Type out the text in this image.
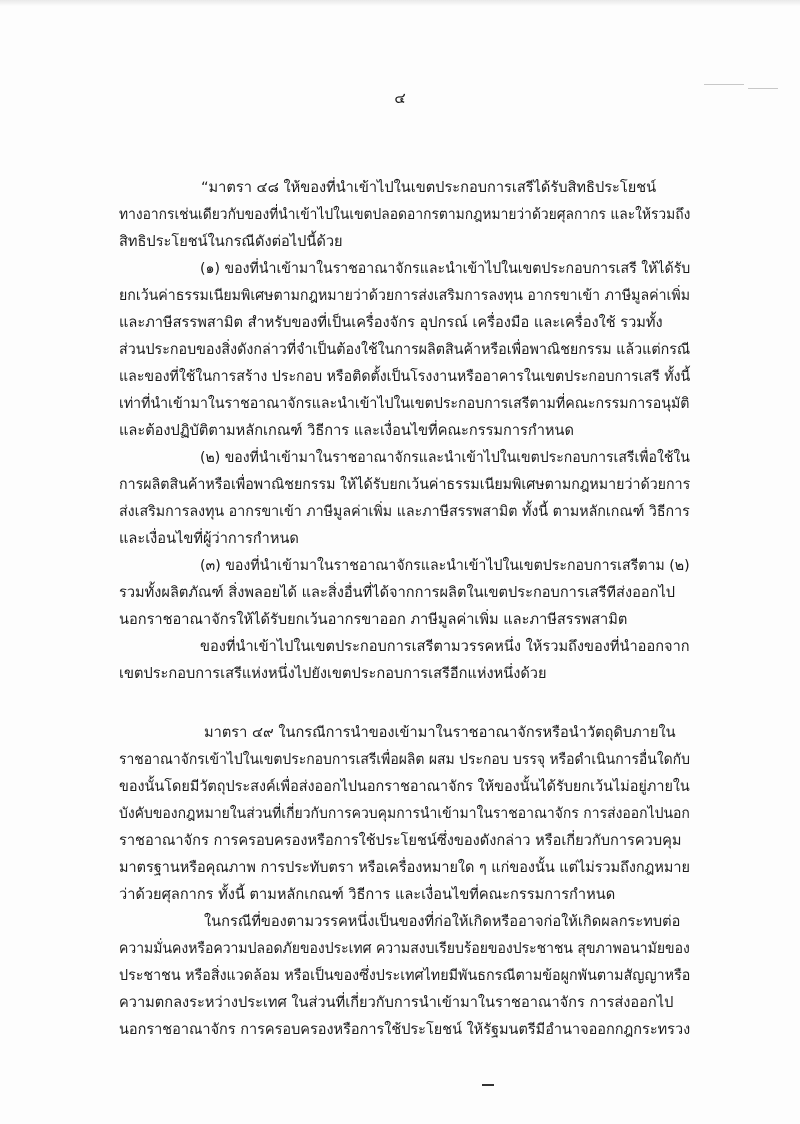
๔
“มาตรา ๔๘ ให้ของที่นำเข้าไปในเขตประกอบการเสรีได้รับสิทธิประโยชน์
ทางอากรเช่นเดียวกับของที่นำเข้าไปในเขตปลอดอากรตามกฎหมายว่าด้วยศุลกากร และให้รวมถึง
สิทธิประโยชน์ในกรณีดังต่อไปนี้ด้วย
(๑) ของที่นำเข้ามาในราชอาณาจักรและนำเข้าไปในเขตประกอบการเสรี ให้ได้รับ
ยกเว้นค่าธรรมเนียมพิเศษตามกฎหมายว่าด้วยการส่งเสริมการลงทุน อากรขาเข้า ภาษีมูลค่าเพิ่ม
และภาษีสรรพสามิต สำหรับของที่เป็นเครื่องจักร อุปกรณ์ เครื่องมือ และเครื่องใช้ รวมทั้ง
ส่วนประกอบของสิ่งดังกล่าวที่จำเป็นต้องใช้ในการผลิตสินค้าหรือเพื่อพาณิชยกรรม แล้วแต่กรณี
และของที่ใช้ในการสร้าง ประกอบ หรือติดตั้งเป็นโรงงานหรืออาคารในเขตประกอบการเสรี ทั้งนี้
เท่าที่นำเข้ามาในราชอาณาจักรและนำเข้าไปในเขตประกอบการเสรีตามที่คณะกรรมการอนุมัติ
และต้องปฏิบัติตามหลักเกณฑ์ วิธีการ และเงื่อนไขที่คณะกรรมการกำหนด
(๒) ของที่นำเข้ามาในราชอาณาจักรและนำเข้าไปในเขตประกอบการเสรีเพื่อใช้ใน
การผลิตสินค้าหรือเพื่อพาณิชยกรรม ให้ได้รับยกเว้นค่าธรรมเนียมพิเศษตามกฎหมายว่าด้วยการ
ส่งเสริมการลงทุน อากรขาเข้า ภาษีมูลค่าเพิ่ม และภาษีสรรพสามิต ทั้งนี้ ตามหลักเกณฑ์ วิธีการ
และเงื่อนไขที่ผู้ว่าการกำหนด
(๓) ของที่นำเข้ามาในราชอาณาจักรและนำเข้าไปในเขตประกอบการเสรีตาม (๒)
รวมทั้งผลิตภัณฑ์ สิ่งพลอยได้ และสิ่งอื่นที่ได้จากการผลิตในเขตประกอบการเสรีทีส่งออกไป
นอกราชอาณาจักรให้ได้รับยกเว้นอากรขาออก ภาษีมูลค่าเพิ่ม และภาษีสรรพสามิต
ของที่นำเข้าไปในเขตประกอบการเสรีตามวรรคหนึ่ง ให้รวมถึงของที่นำออกจาก
เขตประกอบการเสรีแห่งหนึ่งไปยังเขตประกอบการเสรีอีกแห่งหนึ่งด้วย
มาตรา ๔๙ ในกรณีการนำของเข้ามาในราชอาณาจักรหรือนำวัตถุดิบภายใน
ราชอาณาจักรเข้าไปในเขตประกอบการเสรีเพื่อผลิต ผสม ประกอบ บรรจุ หรือดำเนินการอื่นใดกับ
ของนั้นโดยมีวัตถุประสงค์เพื่อส่งออกไปนอกราชอาณาจักร ให้ของนั้นได้รับยกเว้นไม่อยู่ภายใน
บังคับของกฎหมายในส่วนที่เกี่ยวกับการควบคุมการนำเข้ามาในราชอาณาจักร การส่งออกไปนอก
ราชอาณาจักร การครอบครองหรือการใช้ประโยชน์ซึ่งของดังกล่าว หรือเกี่ยวกับการควบคุม
มาตรฐานหรือคุณภาพ การประทับตรา หรือเครื่องหมายใด ๆ แก่ของนั้น แต่ไม่รวมถึงกฎหมาย
ว่าด้วยศุลกากร ทั้งนี้ ตามหลักเกณฑ์ วิธีการ และเงื่อนไขที่คณะกรรมการกำหนด
ในกรณีที่ของตามวรรคหนึ่งเป็นของที่ก่อให้เกิดหรืออาจก่อให้เกิดผลกระทบต่อ
ความมั่นคงหรือความปลอดภัยของประเทศ ความสงบเรียบร้อยของประชาชน สุขภาพอนามัยของ
ประชาชน หรือสิ่งแวดล้อม หรือเป็นของซึ่งประเทศไทยมีพันธกรณีตามข้อผูกพันตามสัญญาหรือ
ความตกลงระหว่างประเทศ ในส่วนที่เกี่ยวกับการนำเข้ามาในราชอาณาจักร การส่งออกไป
นอกราชอาณาจักร การครอบครองหรือการใช้ประโยชน์ ให้รัฐมนตรีมีอำนาจออกกฎกระทรวง
